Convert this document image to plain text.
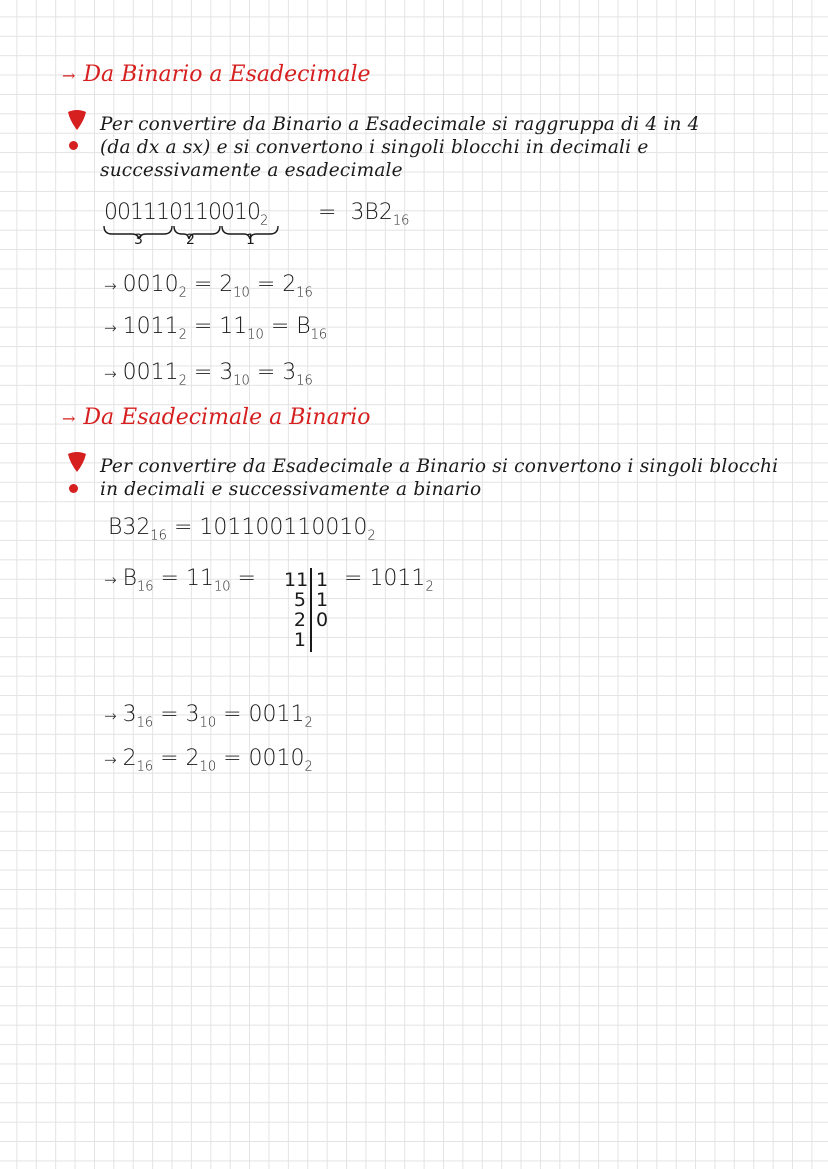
→ Da Binario a Esadecimale
Per convertire da Binario a Esadecimale si raggruppa di 4 in 4
(da dx a sx) e si convertono i singoli blocchi in decimali e
successivamente a esadecimale
$001110110010_2 = 3B2_{16}$
3	2	1
→ $0010_2 = 2_{10} = 2_{16}$
→ $1011_2 = 11_{10} = B_{16}$
→ $0011_2 = 3_{10} = 3_{16}$
→ Da Esadecimale a Binario
Per convertire da Esadecimale a Binario si convertono i singoli blocchi
in decimali e successivamente a binario
$B32_{16} = 101100110010_2$
→ $B_{16} = 11_{10} = 11$
5
2
1
1
1
0
= $1011_2$
→ $3_{16} = 3_{10} = 0011_2$
→ $2_{16} = 2_{10} = 0010_2$
